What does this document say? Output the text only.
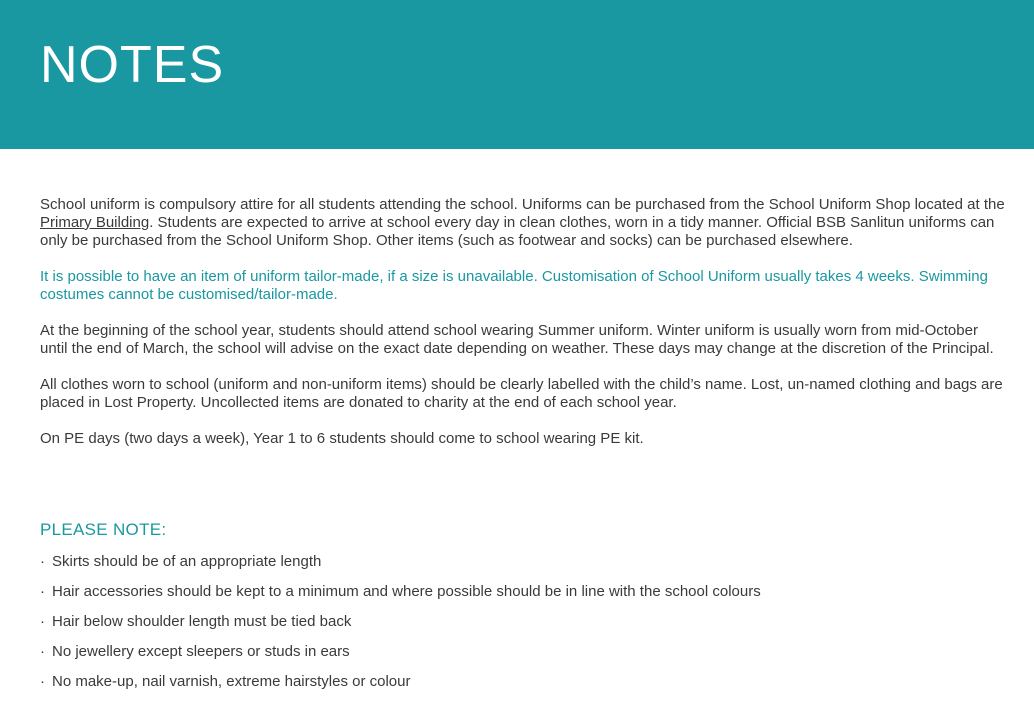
NOTES

School uniform is compulsory attire for all students attending the school. Uniforms can be purchased from the School Uniform Shop located at the Primary Building. Students are expected to arrive at school every day in clean clothes, worn in a tidy manner. Official BSB Sanlitun uniforms can only be purchased from the School Uniform Shop. Other items (such as footwear and socks) can be purchased elsewhere.

It is possible to have an item of uniform tailor-made, if a size is unavailable. Customisation of School Uniform usually takes 4 weeks. Swimming costumes cannot be customised/tailor-made.

At the beginning of the school year, students should attend school wearing Summer uniform. Winter uniform is usually worn from mid-October until the end of March, the school will advise on the exact date depending on weather. These days may change at the discretion of the Principal.

All clothes worn to school (uniform and non-uniform items) should be clearly labelled with the child’s name. Lost, un-named clothing and bags are placed in Lost Property. Uncollected items are donated to charity at the end of each school year.

On PE days (two days a week), Year 1 to 6 students should come to school wearing PE kit.

PLEASE NOTE:
· Skirts should be of an appropriate length
· Hair accessories should be kept to a minimum and where possible should be in line with the school colours
· Hair below shoulder length must be tied back
· No jewellery except sleepers or studs in ears
· No make-up, nail varnish, extreme hairstyles or colour
